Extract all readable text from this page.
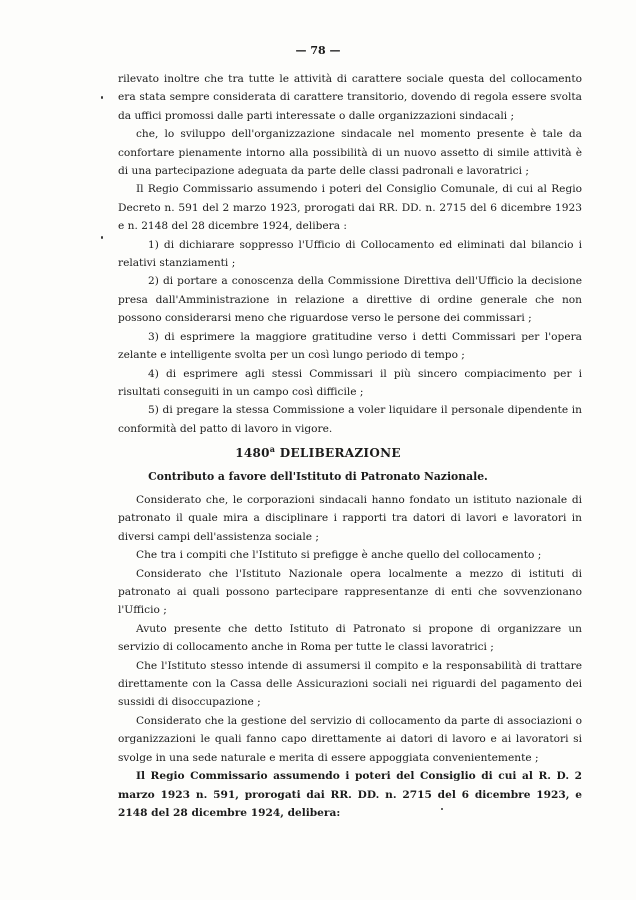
— 78 —

rilevato inoltre che tra tutte le attività di carattere sociale questa del collocamento era stata sempre considerata di carattere transitorio, dovendo di regola essere svolta da uffici promossi dalle parti interessate o dalle organizzazioni sindacali ;

che, lo sviluppo dell'organizzazione sindacale nel momento presente è tale da confortare pienamente intorno alla possibilità di un nuovo assetto di simile attività è di una partecipazione adeguata da parte delle classi padronali e lavoratrici ;

Il Regio Commissario assumendo i poteri del Consiglio Comunale, di cui al Regio Decreto n. 591 del 2 marzo 1923, prorogati dai RR. DD. n. 2715 del 6 dicembre 1923 e n. 2148 del 28 dicembre 1924, delibera :

1) di dichiarare soppresso l'Ufficio di Collocamento ed eliminati dal bilancio i relativi stanziamenti ;

2) di portare a conoscenza della Commissione Direttiva dell'Ufficio la decisione presa dall'Amministrazione in relazione a direttive di ordine generale che non possono considerarsi meno che riguardose verso le persone dei commissari ;

3) di esprimere la maggiore gratitudine verso i detti Commissari per l'opera zelante e intelligente svolta per un così lungo periodo di tempo ;

4) di esprimere agli stessi Commissari il più sincero compiacimento per i risultati conseguiti in un campo così difficile ;

5) di pregare la stessa Commissione a voler liquidare il personale dipendente in conformità del patto di lavoro in vigore.

1480$^a$ DELIBERAZIONE
Contributo a favore dell'Istituto di Patronato Nazionale.

Considerato che, le corporazioni sindacali hanno fondato un istituto nazionale di patronato il quale mira a disciplinare i rapporti tra datori di lavori e lavoratori in diversi campi dell'assistenza sociale ;

Che tra i compiti che l'Istituto si prefigge è anche quello del collocamento ;

Considerato che l'Istituto Nazionale opera localmente a mezzo di istituti di patronato ai quali possono partecipare rappresentanze di enti che sovvenzionano l'Ufficio ;

Avuto presente che detto Istituto di Patronato si propone di organizzare un servizio di collocamento anche in Roma per tutte le classi lavoratrici ;

Che l'Istituto stesso intende di assumersi il compito e la responsabilità di trattare direttamente con la Cassa delle Assicurazioni sociali nei riguardi del pagamento dei sussidi di disoccupazione ;

Considerato che la gestione del servizio di collocamento da parte di associazioni o organizzazioni le quali fanno capo direttamente ai datori di lavoro e ai lavoratori si svolge in una sede naturale e merita di essere appoggiata convenientemente ;

Il Regio Commissario assumendo i poteri del Consiglio di cui al R. D. 2 marzo 1923 n. 591, prorogati dai RR. DD. n. 2715 del 6 dicembre 1923, e 2148 del 28 dicembre 1924, delibera:
